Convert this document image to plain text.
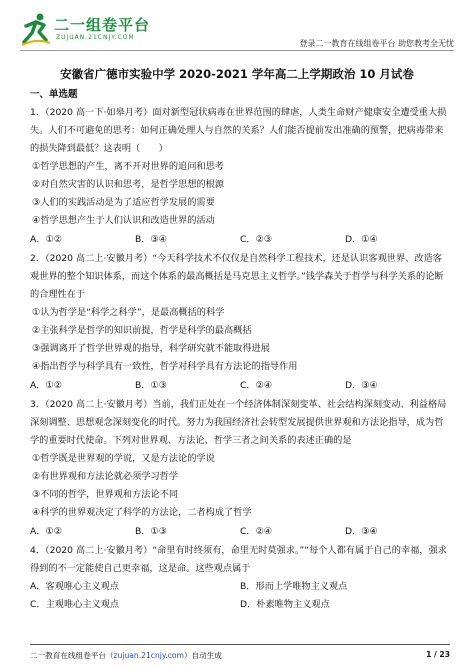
二一组卷平台
ZUJUAN.21CNJY.COM
登录二一教育在线组卷平台 助您教考全无忧
安徽省广德市实验中学 2020-2021 学年高二上学期政治 10 月试卷
一、单选题
1．（2020 高一下·如皋月考）面对新型冠状病毒在世界范围的肆虐，人类生命财产健康安全遭受重大损失。人们不可避免的思考：如何正确处理人与自然的关系？人们能否提前发出准确的预警，把病毒带来的损失降到最低？这表明（　　）
①哲学思想的产生，离不开对世界的追问和思考
②对自然灾害的认识和思考，是哲学思想的根源
③人们的实践活动是为了适应哲学发展的需要
④哲学思想产生于人们认识和改造世界的活动
A．①②	B．③④	C．②③	D．①④
2．（2020 高二上·安徽月考）“今天科学技术不仅仅是自然科学工程技术，还是认识客观世界、改造客观世界的整个知识体系，而这个体系的最高概括是马克思主义哲学。”钱学森关于哲学与科学关系的论断的合理性在于
①认为哲学是“科学之科学”，是最高概括的科学
②主张科学是哲学的知识前提，哲学是科学的最高概括
③强调离开了哲学世界观的指导，科学研究就不能取得进展
④指出哲学与科学具有一致性，哲学对科学具有方法论的指导作用
A．①②	B．①③	C．②④	D．③④
3．（2020 高二上·安徽月考）当前，我们正处在一个经济体制深刻变革、社会结构深刻变动、利益格局深刻调整、思想观念深刻变化的时代。努力为我国经济社会转型发展提供世界观和方法论指导，成为哲学的重要时代使命。下列对世界观、方法论、哲学三者之间关系的表述正确的是
①哲学既是世界观的学说，又是方法论的学说
②有世界观和方法论就必须学习哲学
③不同的哲学，世界观和方法论不同
④科学的世界观决定了科学的方法论，二者构成了哲学
A．①②	B．①③	C．②④	D．③④
4．（2020 高二上·安徽月考）“命里有时终须有，命里无时莫强求。”“每个人都有属于自己的幸福，强求得到的不一定能使自己更幸福，这是命。这些观点属于
A．客观唯心主义观点	B．形而上学唯物主义观点
C．主观唯心主义观点	D．朴素唯物主义观点
二一教育在线组卷平台（zujuan.21cnjy.com）自动生成	1 / 23
